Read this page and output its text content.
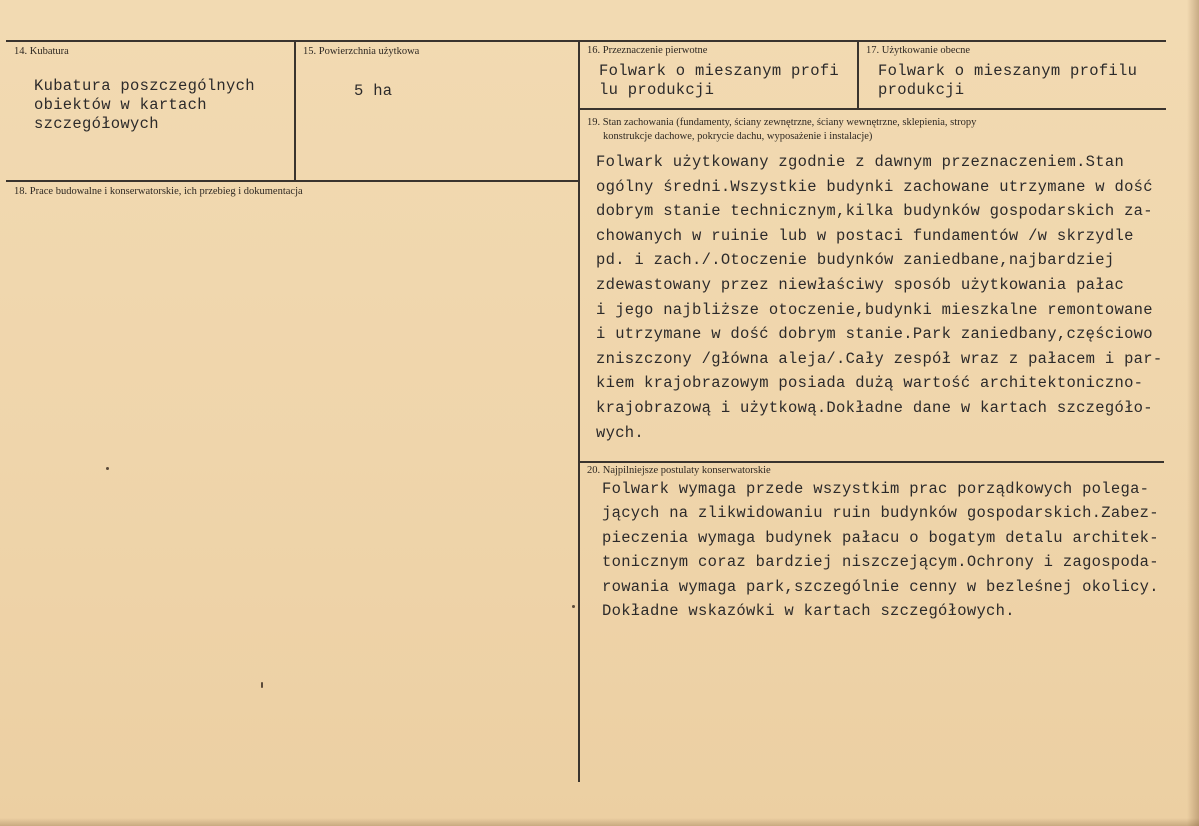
14. Kubatura
Kubatura poszczególnych
obiektów w kartach
szczegółowych
15. Powierzchnia użytkowa
5 ha
16. Przeznaczenie pierwotne
Folwark o mieszanym profi
lu produkcji
17. Użytkowanie obecne
Folwark o mieszanym profilu
produkcji
18. Prace budowalne i konserwatorskie, ich przebieg i dokumentacja
19. Stan zachowania (fundamenty, ściany zewnętrzne, ściany wewnętrzne, sklepienia, stropy
konstrukcje dachowe, pokrycie dachu, wyposażenie i instalacje)
Folwark użytkowany zgodnie z dawnym przeznaczeniem.Stan
ogólny średni.Wszystkie budynki zachowane utrzymane w dość
dobrym stanie technicznym,kilka budynków gospodarskich za-
chowanych w ruinie lub w postaci fundamentów /w skrzydle
pd. i zach./.Otoczenie budynków zaniedbane,najbardziej
zdewastowany przez niewłaściwy sposób użytkowania pałac
i jego najbliższe otoczenie,budynki mieszkalne remontowane
i utrzymane w dość dobrym stanie.Park zaniedbany,częściowo
zniszczony /główna aleja/.Cały zespół wraz z pałacem i par-
kiem krajobrazowym posiada dużą wartość architektoniczno-
krajobrazową i użytkową.Dokładne dane w kartach szczegóło-
wych.
20. Najpilniejsze postulaty konserwatorskie
Folwark wymaga przede wszystkim prac porządkowych polega-
jących na zlikwidowaniu ruin budynków gospodarskich.Zabez-
pieczenia wymaga budynek pałacu o bogatym detalu architek-
tonicznym coraz bardziej niszczejącym.Ochrony i zagospoda-
rowania wymaga park,szczególnie cenny w bezleśnej okolicy.
Dokładne wskazówki w kartach szczegółowych.
